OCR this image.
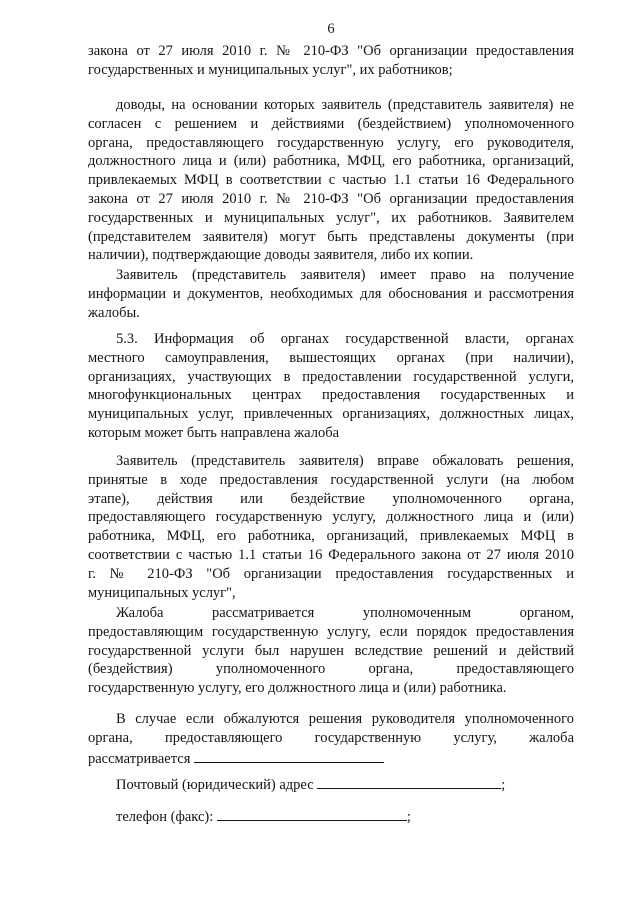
6
закона от 27 июля 2010 г. № 210-ФЗ "Об организации предоставления
государственных и муниципальных услуг", их работников;
доводы, на основании которых заявитель (представитель заявителя) не
согласен с решением и действиями (бездействием) уполномоченного
органа, предоставляющего государственную услугу, его руководителя,
должностного лица и (или) работника, МФЦ, его работника, организаций,
привлекаемых МФЦ в соответствии с частью 1.1 статьи 16 Федерального
закона от 27 июля 2010 г. № 210-ФЗ "Об организации предоставления
государственных и муниципальных услуг", их работников. Заявителем
(представителем заявителя) могут быть представлены документы (при
наличии), подтверждающие доводы заявителя, либо их копии.
Заявитель (представитель заявителя) имеет право на получение
информации и документов, необходимых для обоснования и рассмотрения
жалобы.
5.3. Информация об органах государственной власти, органах
местного самоуправления, вышестоящих органах (при наличии),
организациях, участвующих в предоставлении государственной услуги,
многофункциональных центрах предоставления государственных и
муниципальных услуг, привлеченных организациях, должностных лицах,
которым может быть направлена жалоба
Заявитель (представитель заявителя) вправе обжаловать решения,
принятые в ходе предоставления государственной услуги (на любом
этапе), действия или бездействие уполномоченного органа,
предоставляющего государственную услугу, должностного лица и (или)
работника, МФЦ, его работника, организаций, привлекаемых МФЦ в
соответствии с частью 1.1 статьи 16 Федерального закона от 27 июля 2010
г. № 210-ФЗ "Об организации предоставления государственных и
муниципальных услуг",
Жалоба рассматривается уполномоченным органом,
предоставляющим государственную услугу, если порядок предоставления
государственной услуги был нарушен вследствие решений и действий
(бездействия) уполномоченного органа, предоставляющего
государственную услугу, его должностного лица и (или) работника.
В случае если обжалуются решения руководителя уполномоченного
органа, предоставляющего государственную услугу, жалоба
рассматривается
Почтовый (юридический) адрес	;
телефон (факс):	;
